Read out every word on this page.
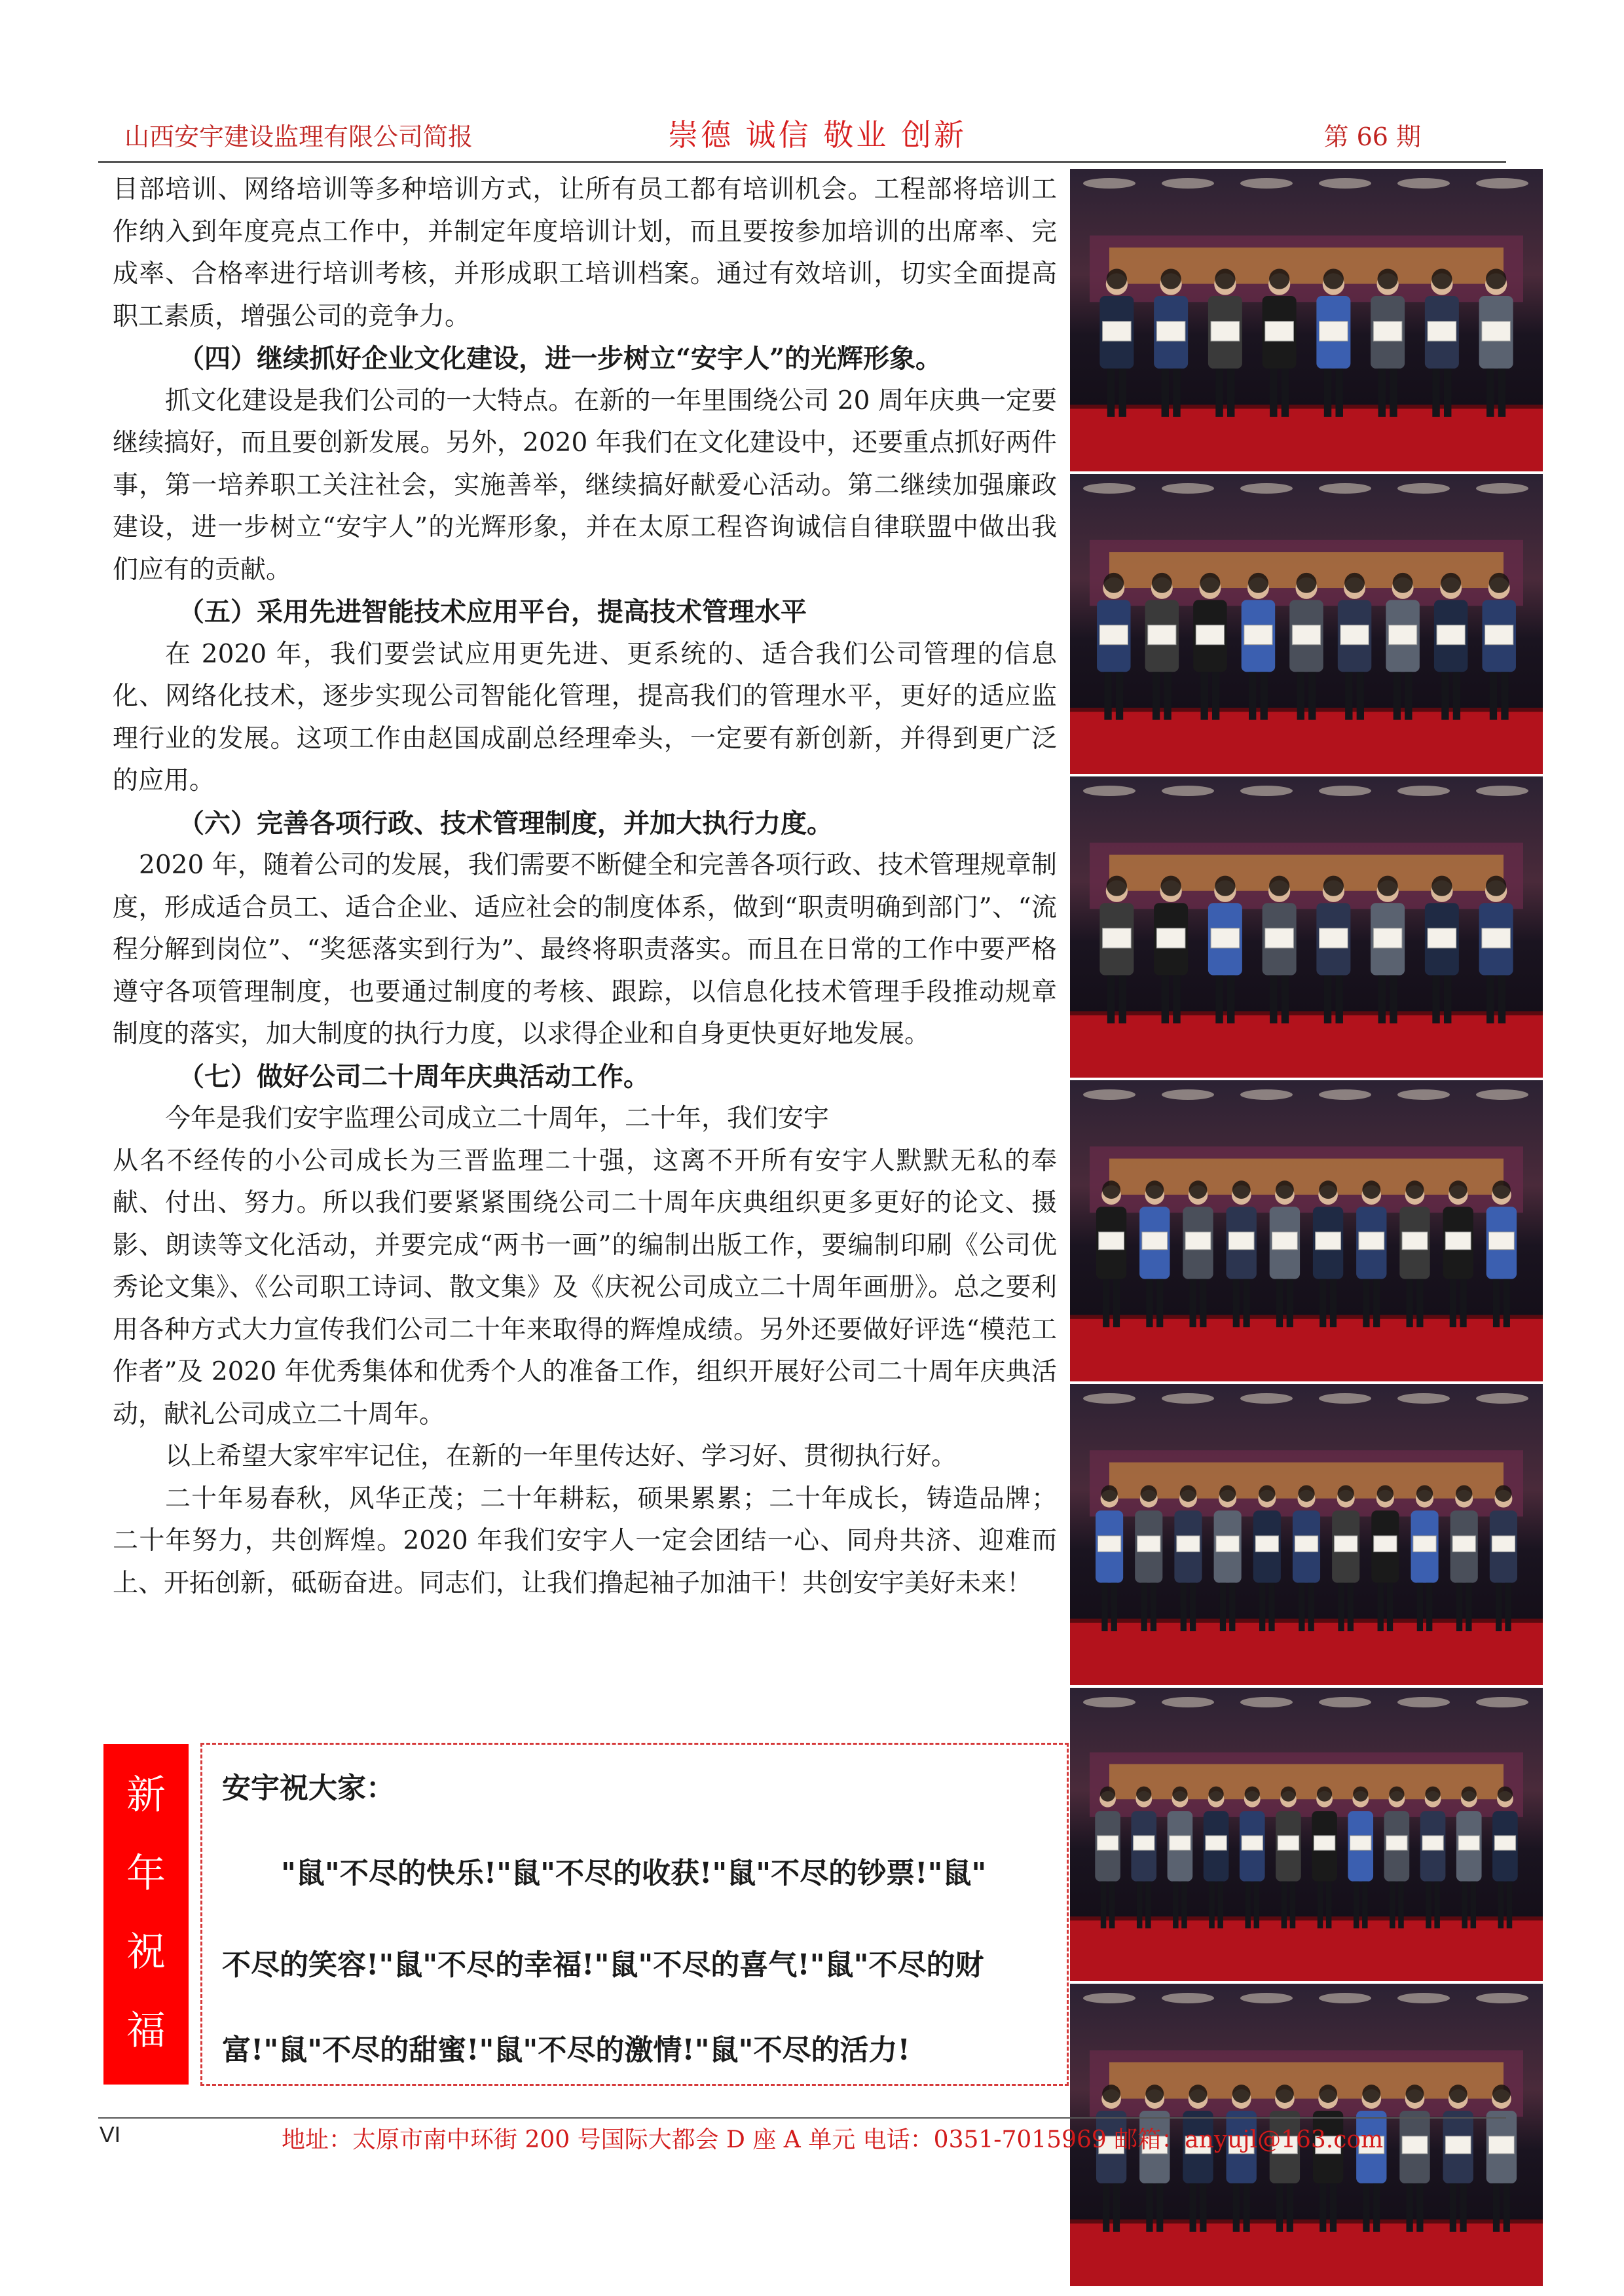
山西安宇建设监理有限公司简报	崇德 诚信 敬业 创新	第 66 期

目部培训、网络培训等多种培训方式，让所有员工都有培训机会。工程部将培训工作纳入到年度亮点工作中，并制定年度培训计划，而且要按参加培训的出席率、完成率、合格率进行培训考核，并形成职工培训档案。通过有效培训，切实全面提高职工素质，增强公司的竞争力。

（四）继续抓好企业文化建设，进一步树立“安宇人”的光辉形象。

抓文化建设是我们公司的一大特点。在新的一年里围绕公司 20 周年庆典一定要继续搞好，而且要创新发展。另外，2020 年我们在文化建设中，还要重点抓好两件事，第一培养职工关注社会，实施善举，继续搞好献爱心活动。第二继续加强廉政建设，进一步树立“安宇人”的光辉形象，并在太原工程咨询诚信自律联盟中做出我们应有的贡献。

（五）采用先进智能技术应用平台，提高技术管理水平

在 2020 年，我们要尝试应用更先进、更系统的、适合我们公司管理的信息化、网络化技术，逐步实现公司智能化管理，提高我们的管理水平，更好的适应监理行业的发展。这项工作由赵国成副总经理牵头，一定要有新创新，并得到更广泛的应用。

（六）完善各项行政、技术管理制度，并加大执行力度。

2020 年，随着公司的发展，我们需要不断健全和完善各项行政、技术管理规章制度，形成适合员工、适合企业、适应社会的制度体系，做到“职责明确到部门”、“流程分解到岗位”、“奖惩落实到行为”、最终将职责落实。而且在日常的工作中要严格遵守各项管理制度，也要通过制度的考核、跟踪，以信息化技术管理手段推动规章制度的落实，加大制度的执行力度，以求得企业和自身更快更好地发展。

（七）做好公司二十周年庆典活动工作。

今年是我们安宇监理公司成立二十周年，二十年，我们安宇

从名不经传的小公司成长为三晋监理二十强，这离不开所有安宇人默默无私的奉献、付出、努力。所以我们要紧紧围绕公司二十周年庆典组织更多更好的论文、摄影、朗读等文化活动，并要完成“两书一画”的编制出版工作，要编制印刷《公司优秀论文集》、《公司职工诗词、散文集》及《庆祝公司成立二十周年画册》。总之要利用各种方式大力宣传我们公司二十年来取得的辉煌成绩。另外还要做好评选“模范工作者”及 2020 年优秀集体和优秀个人的准备工作，组织开展好公司二十周年庆典活动，献礼公司成立二十周年。

以上希望大家牢牢记住，在新的一年里传达好、学习好、贯彻执行好。

二十年易春秋，风华正茂；二十年耕耘，硕果累累；二十年成长，铸造品牌；二十年努力，共创辉煌。2020 年我们安宇人一定会团结一心、同舟共济、迎难而上、开拓创新，砥砺奋进。同志们，让我们撸起袖子加油干！共创安宇美好未来！

新
年
祝
福
安宇祝大家：
"鼠"不尽的快乐!"鼠"不尽的收获!"鼠"不尽的钞票!"鼠"
不尽的笑容!"鼠"不尽的幸福!"鼠"不尽的喜气!"鼠"不尽的财
富!"鼠"不尽的甜蜜!"鼠"不尽的激情!"鼠"不尽的活力!
VI	地址：太原市南中环街 200 号国际大都会 D 座 A 单元 电话：0351-7015969 邮箱：anyujl@163.com
